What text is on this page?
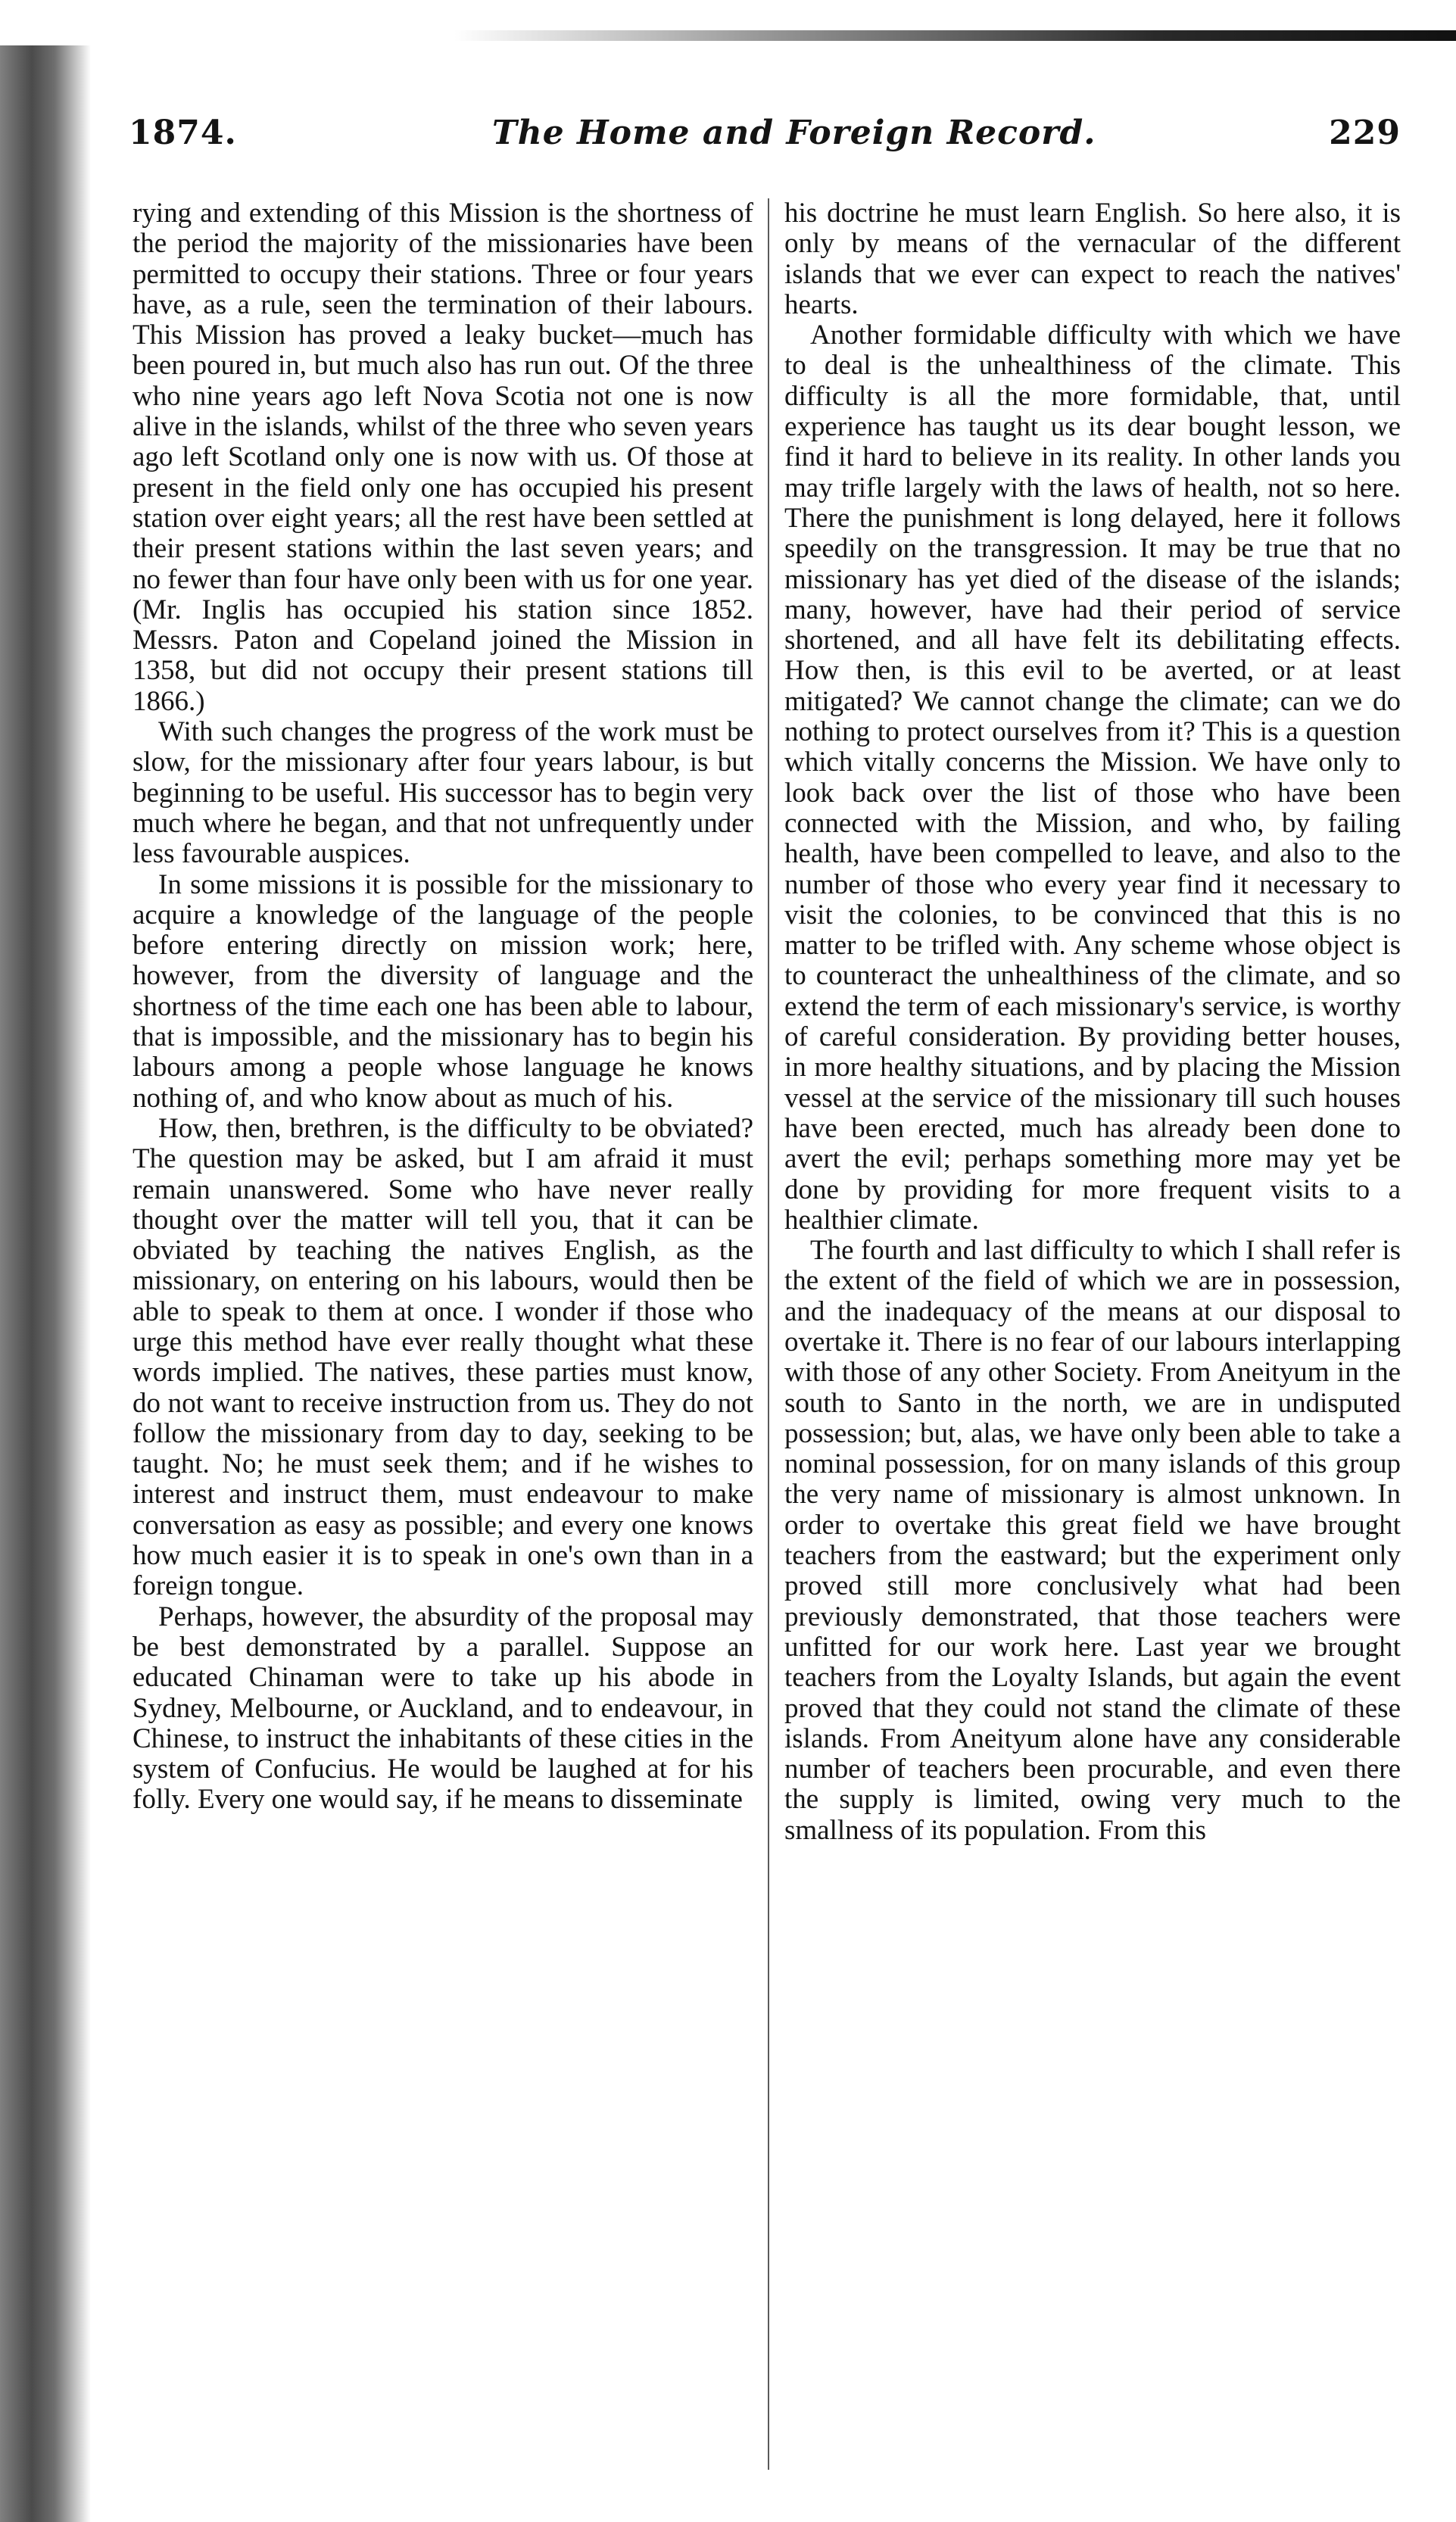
1874.	The Home and Foreign Record.	229

rying and extending of this Mission is the shortness of the period the majority of the missionaries have been permitted to occupy their stations. Three or four years have, as a rule, seen the termination of their labours. This Mission has proved a leaky bucket—much has been poured in, but much also has run out. Of the three who nine years ago left Nova Scotia not one is now alive in the islands, whilst of the three who seven years ago left Scotland only one is now with us. Of those at present in the field only one has occupied his present station over eight years; all the rest have been settled at their present stations within the last seven years; and no fewer than four have only been with us for one year. (Mr. Inglis has occupied his station since 1852. Messrs. Paton and Copeland joined the Mission in 1358, but did not occupy their present stations till 1866.)

With such changes the progress of the work must be slow, for the missionary after four years labour, is but beginning to be useful. His successor has to begin very much where he began, and that not unfrequently under less favourable auspices.

In some missions it is possible for the missionary to acquire a knowledge of the language of the people before entering directly on mission work; here, however, from the diversity of language and the shortness of the time each one has been able to labour, that is impossible, and the missionary has to begin his labours among a people whose language he knows nothing of, and who know about as much of his.

How, then, brethren, is the difficulty to be obviated? The question may be asked, but I am afraid it must remain unanswered. Some who have never really thought over the matter will tell you, that it can be obviated by teaching the natives English, as the missionary, on entering on his labours, would then be able to speak to them at once. I wonder if those who urge this method have ever really thought what these words implied. The natives, these parties must know, do not want to receive instruction from us. They do not follow the missionary from day to day, seeking to be taught. No; he must seek them; and if he wishes to interest and instruct them, must endeavour to make conversation as easy as possible; and every one knows how much easier it is to speak in one's own than in a foreign tongue.

Perhaps, however, the absurdity of the proposal may be best demonstrated by a parallel. Suppose an educated Chinaman were to take up his abode in Sydney, Melbourne, or Auckland, and to endeavour, in Chinese, to instruct the inhabitants of these cities in the system of Confucius. He would be laughed at for his folly. Every one would say, if he means to disseminate

his doctrine he must learn English. So here also, it is only by means of the vernacular of the different islands that we ever can expect to reach the natives' hearts.

Another formidable difficulty with which we have to deal is the unhealthiness of the climate. This difficulty is all the more formidable, that, until experience has taught us its dear bought lesson, we find it hard to believe in its reality. In other lands you may trifle largely with the laws of health, not so here. There the punishment is long delayed, here it follows speedily on the transgression. It may be true that no missionary has yet died of the disease of the islands; many, however, have had their period of service shortened, and all have felt its debilitating effects. How then, is this evil to be averted, or at least mitigated? We cannot change the climate; can we do nothing to protect ourselves from it? This is a question which vitally concerns the Mission. We have only to look back over the list of those who have been connected with the Mission, and who, by failing health, have been compelled to leave, and also to the number of those who every year find it necessary to visit the colonies, to be convinced that this is no matter to be trifled with. Any scheme whose object is to counteract the unhealthiness of the climate, and so extend the term of each missionary's service, is worthy of careful consideration. By providing better houses, in more healthy situations, and by placing the Mission vessel at the service of the missionary till such houses have been erected, much has already been done to avert the evil; perhaps something more may yet be done by providing for more frequent visits to a healthier climate.

The fourth and last difficulty to which I shall refer is the extent of the field of which we are in possession, and the inadequacy of the means at our disposal to overtake it. There is no fear of our labours interlapping with those of any other Society. From Aneityum in the south to Santo in the north, we are in undisputed possession; but, alas, we have only been able to take a nominal possession, for on many islands of this group the very name of missionary is almost unknown. In order to overtake this great field we have brought teachers from the eastward; but the experiment only proved still more conclusively what had been previously demonstrated, that those teachers were unfitted for our work here. Last year we brought teachers from the Loyalty Islands, but again the event proved that they could not stand the climate of these islands. From Aneityum alone have any considerable number of teachers been procurable, and even there the supply is limited, owing very much to the smallness of its population. From this
